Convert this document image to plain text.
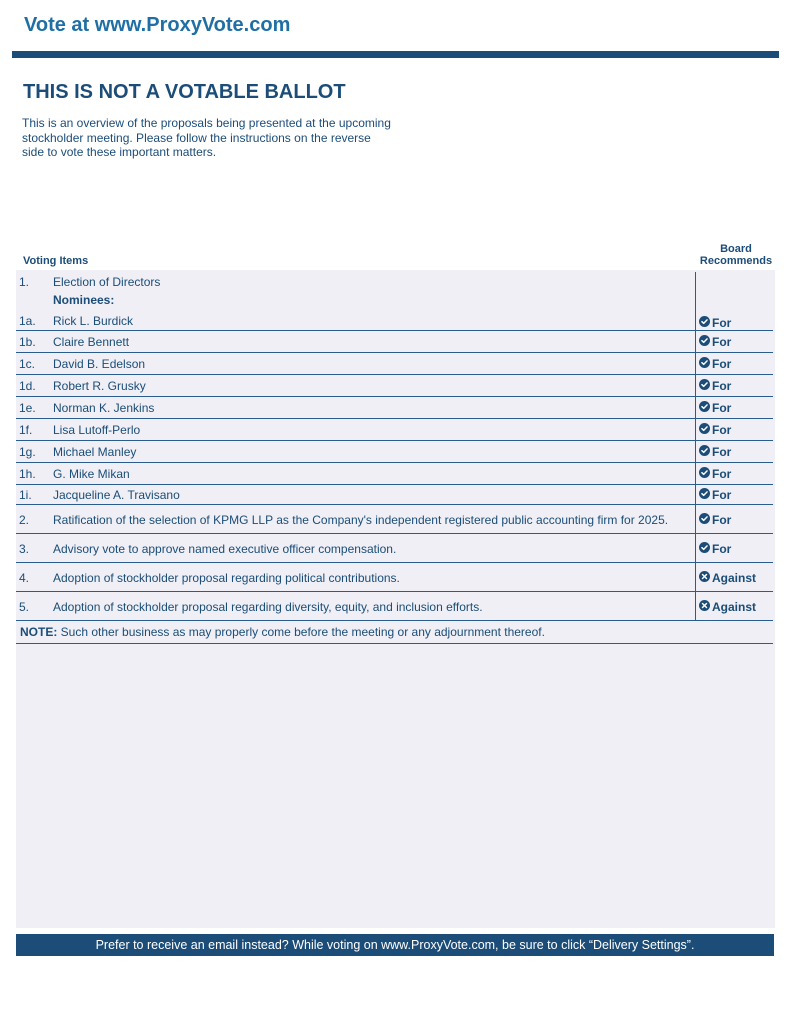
Vote at www.ProxyVote.com
THIS IS NOT A VOTABLE BALLOT
This is an overview of the proposals being presented at the upcoming stockholder meeting. Please follow the instructions on the reverse side to vote these important matters.
Voting Items
Board Recommends
1. Election of Directors
Nominees:
1a. Rick L. Burdick	For
1b. Claire Bennett	For
1c. David B. Edelson	For
1d. Robert R. Grusky	For
1e. Norman K. Jenkins	For
1f. Lisa Lutoff-Perlo	For
1g. Michael Manley	For
1h. G. Mike Mikan	For
1i. Jacqueline A. Travisano	For
2. Ratification of the selection of KPMG LLP as the Company's independent registered public accounting firm for 2025.	For
3. Advisory vote to approve named executive officer compensation.	For
4. Adoption of stockholder proposal regarding political contributions.	Against
5. Adoption of stockholder proposal regarding diversity, equity, and inclusion efforts.	Against
NOTE: Such other business as may properly come before the meeting or any adjournment thereof.
Prefer to receive an email instead? While voting on www.ProxyVote.com, be sure to click “Delivery Settings”.
